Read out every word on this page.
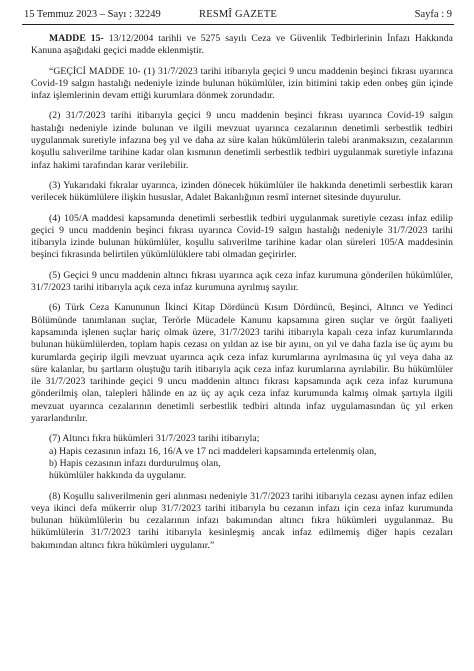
15 Temmuz 2023 – Sayı : 32249	RESMÎ GAZETE	Sayfa : 9

MADDE 15- 13/12/2004 tarihli ve 5275 sayılı Ceza ve Güvenlik Tedbirlerinin İnfazı Hakkında Kanuna aşağıdaki geçici madde eklenmiştir.

“GEÇİCİ MADDE 10- (1) 31/7/2023 tarihi itibarıyla geçici 9 uncu maddenin beşinci fıkrası uyarınca Covid-19 salgın hastalığı nedeniyle izinde bulunan hükümlüler, izin bitimini takip eden onbeş gün içinde infaz işlemlerinin devam ettiği kurumlara dönmek zorundadır.

(2) 31/7/2023 tarihi itibarıyla geçici 9 uncu maddenin beşinci fıkrası uyarınca Covid-19 salgın hastalığı nedeniyle izinde bulunan ve ilgili mevzuat uyarınca cezalarının denetimli serbestlik tedbiri uygulanmak suretiyle infazına beş yıl ve daha az süre kalan hükümlülerin talebi aranmaksızın, cezalarının koşullu salıverilme tarihine kadar olan kısmının denetimli serbestlik tedbiri uygulanmak suretiyle infazına infaz hakimi tarafından karar verilebilir.

(3) Yukarıdaki fıkralar uyarınca, izinden dönecek hükümlüler ile hakkında denetimli serbestlik kararı verilecek hükümlülere ilişkin hususlar, Adalet Bakanlığının resmî internet sitesinde duyurulur.

(4) 105/A maddesi kapsamında denetimli serbestlik tedbiri uygulanmak suretiyle cezası infaz edilip geçici 9 uncu maddenin beşinci fıkrası uyarınca Covid-19 salgın hastalığı nedeniyle 31/7/2023 tarihi itibarıyla izinde bulunan hükümlüler, koşullu salıverilme tarihine kadar olan süreleri 105/A maddesinin beşinci fıkrasında belirtilen yükümlülüklere tabi olmadan geçirirler.

(5) Geçici 9 uncu maddenin altıncı fıkrası uyarınca açık ceza infaz kurumuna gönderilen hükümlüler, 31/7/2023 tarihi itibarıyla açık ceza infaz kurumuna ayrılmış sayılır.

(6) Türk Ceza Kanununun İkinci Kitap Dördüncü Kısım Dördüncü, Beşinci, Altıncı ve Yedinci Bölümünde tanımlanan suçlar, Terörle Mücadele Kanunu kapsamına giren suçlar ve örgüt faaliyeti kapsamında işlenen suçlar hariç olmak üzere, 31/7/2023 tarihi itibarıyla kapalı ceza infaz kurumlarında bulunan hükümlülerden, toplam hapis cezası on yıldan az ise bir ayını, on yıl ve daha fazla ise üç ayını bu kurumlarda geçirip ilgili mevzuat uyarınca açık ceza infaz kurumlarına ayrılmasına üç yıl veya daha az süre kalanlar, bu şartların oluştuğu tarih itibarıyla açık ceza infaz kurumlarına ayrılabilir. Bu hükümlüler ile 31/7/2023 tarihinde geçici 9 uncu maddenin altıncı fıkrası kapsamında açık ceza infaz kurumuna gönderilmiş olan, talepleri hâlinde en az üç ay açık ceza infaz kurumunda kalmış olmak şartıyla ilgili mevzuat uyarınca cezalarının denetimli serbestlik tedbiri altında infaz uygulamasından üç yıl erken yararlandırılır.

(7) Altıncı fıkra hükümleri 31/7/2023 tarihi itibarıyla;

a) Hapis cezasının infazı 16, 16/A ve 17 nci maddeleri kapsamında ertelenmiş olan,

b) Hapis cezasının infazı durdurulmuş olan,

hükümlüler hakkında da uygulanır.

(8) Koşullu salıverilmenin geri alınması nedeniyle 31/7/2023 tarihi itibarıyla cezası aynen infaz edilen veya ikinci defa mükerrir olup 31/7/2023 tarihi itibarıyla bu cezanın infazı için ceza infaz kurumunda bulunan hükümlülerin bu cezalarının infazı bakımından altıncı fıkra hükümleri uygulanmaz. Bu hükümlülerin 31/7/2023 tarihi itibarıyla kesinleşmiş ancak infaz edilmemiş diğer hapis cezaları bakımından altıncı fıkra hükümleri uygulanır.”
